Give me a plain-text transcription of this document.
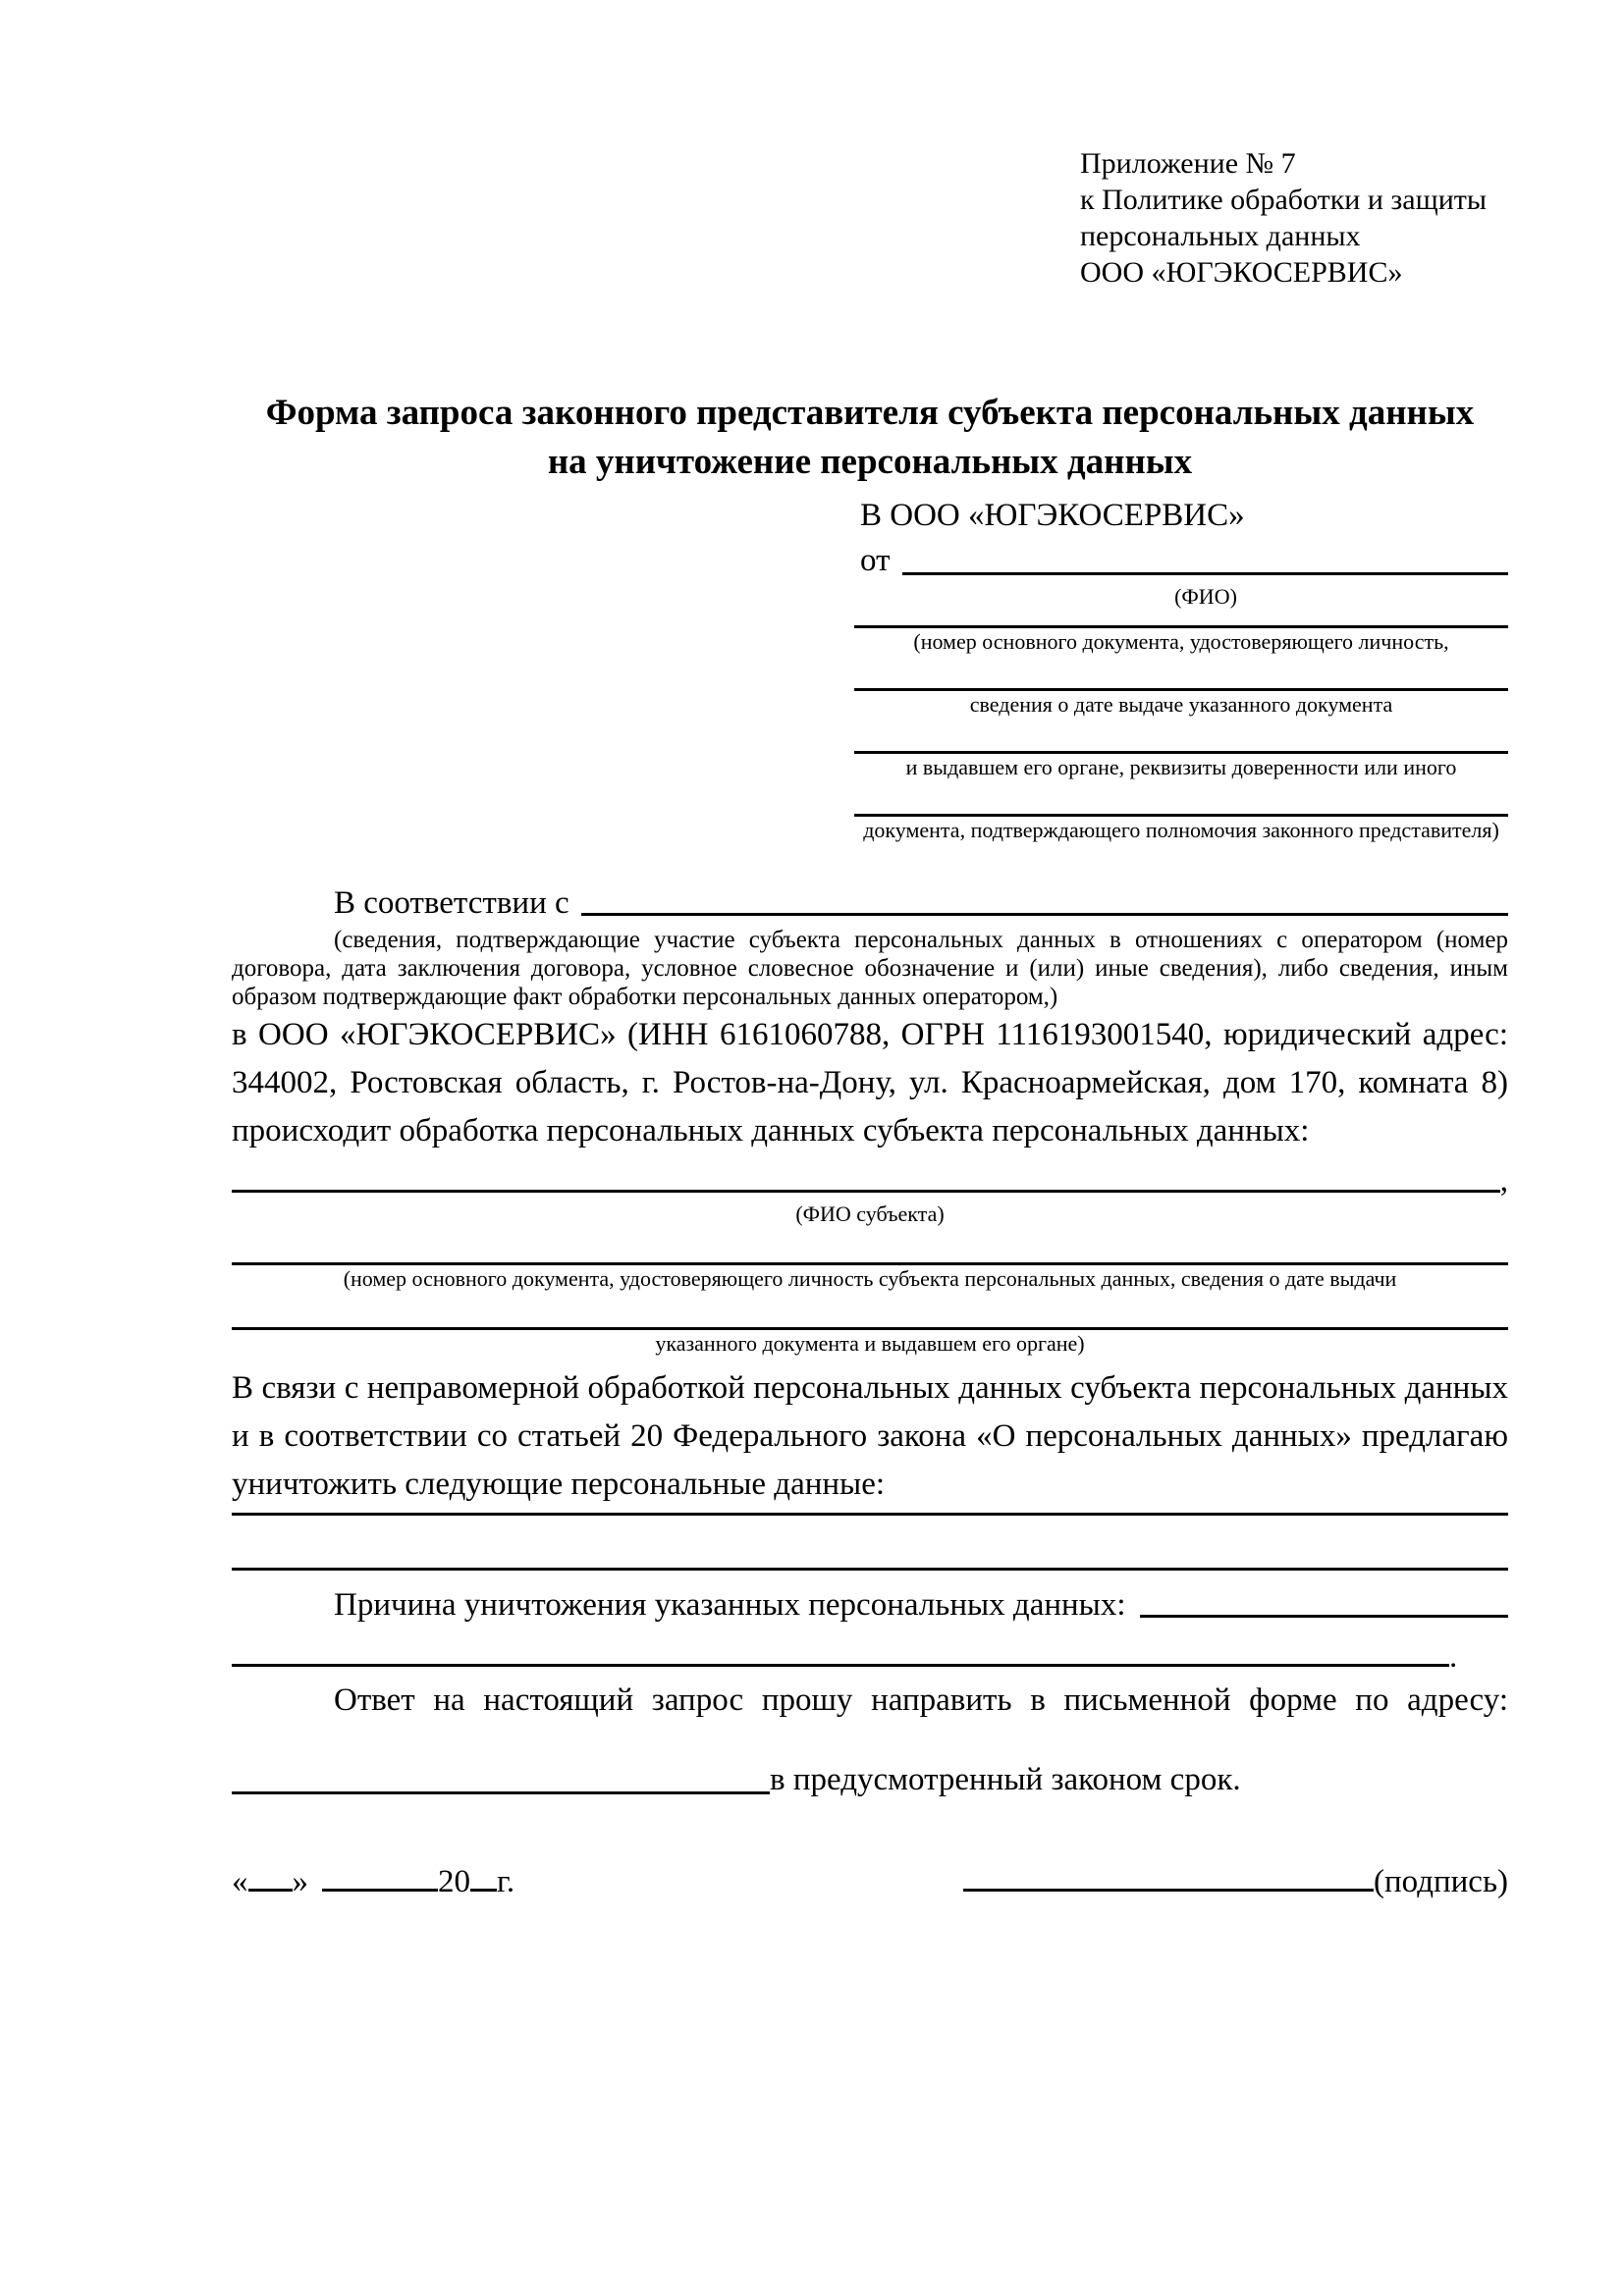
Приложение № 7
к Политике обработки и защиты
персональных данных
ООО «ЮГЭКОСЕРВИС»
Форма запроса законного представителя субъекта персональных данных
на уничтожение персональных данных
В ООО «ЮГЭКОСЕРВИС»
от
(ФИО)
(номер основного документа, удостоверяющего личность,
сведения о дате выдаче указанного документа
и выдавшем его органе, реквизиты доверенности или иного
документа, подтверждающего полномочия законного представителя)
В соответствии с

(сведения, подтверждающие участие субъекта персональных данных в отношениях с оператором (номер договора, дата заключения договора, условное словесное обозначение и (или) иные сведения), либо сведения, иным образом подтверждающие факт обработки персональных данных оператором,)

в ООО «ЮГЭКОСЕРВИС» (ИНН 6161060788, ОГРН 1116193001540, юридический адрес: 344002, Ростовская область, г. Ростов-на-Дону, ул. Красноармейская, дом 170, комната 8) происходит обработка персональных данных субъекта персональных данных:

,
(ФИО субъекта)
(номер основного документа, удостоверяющего личность субъекта персональных данных, сведения о дате выдачи
указанного документа и выдавшем его органе)

В связи с неправомерной обработкой персональных данных субъекта персональных данных и в соответствии со статьей 20 Федерального закона «О персональных данных» предлагаю уничтожить следующие персональные данные:

Причина уничтожения указанных персональных данных:
.

Ответ на настоящий запрос прошу направить в письменной форме по адресу:

в предусмотренный законом срок.
« »	20 г.	(подпись)
